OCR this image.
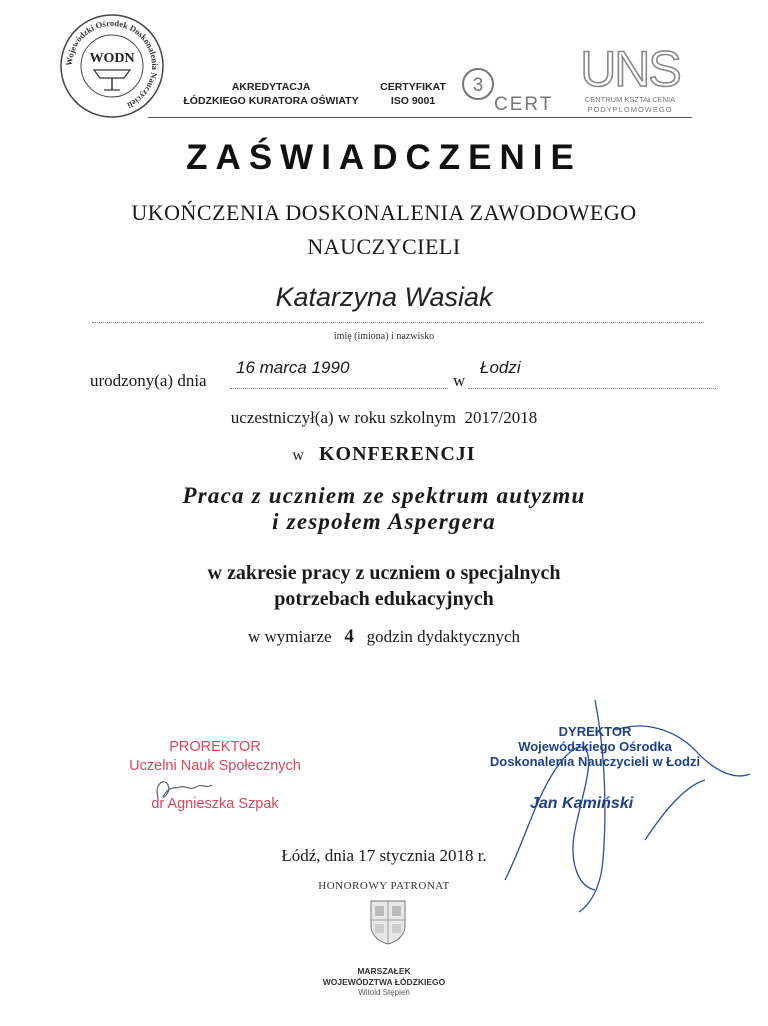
Wojewódzki Ośrodek Doskonalenia Nauczycieli
WODN
AKREDYTACJA
ŁÓDZKIEGO KURATORA OŚWIATY
CERTYFIKAT
ISO 9001
3
CERT
UNS
CENTRUM KSZTAŁCENIA
PODYPLOMOWEGO
ZAŚWIADCZENIE
UKOŃCZENIA DOSKONALENIA ZAWODOWEGO
NAUCZYCIELI
Katarzyna Wasiak
imię (imiona) i nazwisko
urodzony(a) dnia
16 marca 1990
w
Łodzi
uczestniczył(a) w roku szkolnym 2017/2018
w KONFERENCJI
Praca z uczniem ze spektrum autyzmu
i zespołem Aspergera
w zakresie pracy z uczniem o specjalnych
potrzebach edukacyjnych
w wymiarze 4 godzin dydaktycznych
PROREKTOR
Uczelni Nauk Społecznych
dr Agnieszka Szpak
DYREKTOR
Wojewódzkiego Ośrodka
Doskonalenia Nauczycieli w Łodzi
Jan Kamiński
Łódź, dnia 17 stycznia 2018 r.
HONOROWY PATRONAT
MARSZAŁEK
WOJEWÓDZTWA ŁÓDZKIEGO
Witold Stępień
